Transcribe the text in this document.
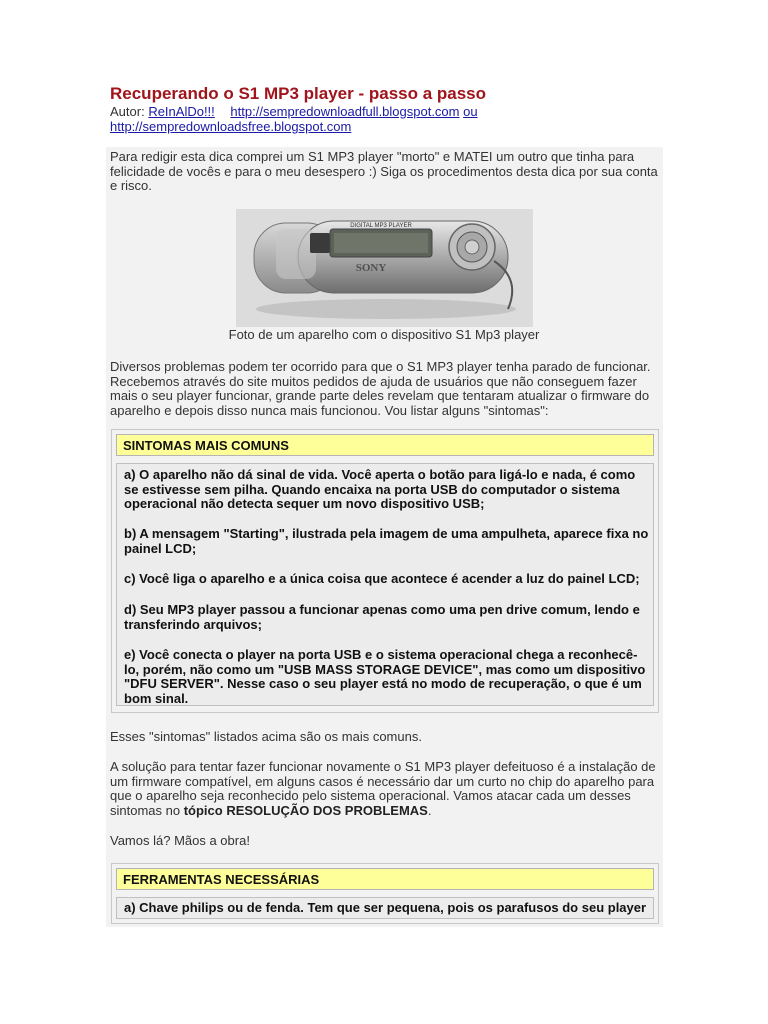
Recuperando o S1 MP3 player - passo a passo
Autor: ReInAlDo!!! http://sempredownloadfull.blogspot.com ou
http://sempredownloadsfree.blogspot.com

Para redigir esta dica comprei um S1 MP3 player "morto" e MATEI um outro que tinha para felicidade de vocês e para o meu desespero :) Siga os procedimentos desta dica por sua conta e risco.

DIGITAL MP3 PLAYER
SONY
Foto de um aparelho com o dispositivo S1 Mp3 player

Diversos problemas podem ter ocorrido para que o S1 MP3 player tenha parado de funcionar. Recebemos através do site muitos pedidos de ajuda de usuários que não conseguem fazer mais o seu player funcionar, grande parte deles revelam que tentaram atualizar o firmware do aparelho e depois disso nunca mais funcionou. Vou listar alguns "sintomas":

SINTOMAS MAIS COMUNS

a) O aparelho não dá sinal de vida. Você aperta o botão para ligá-lo e nada, é como se estivesse sem pilha. Quando encaixa na porta USB do computador o sistema operacional não detecta sequer um novo dispositivo USB;

b) A mensagem "Starting", ilustrada pela imagem de uma ampulheta, aparece fixa no painel LCD;

c) Você liga o aparelho e a única coisa que acontece é acender a luz do painel LCD;

d) Seu MP3 player passou a funcionar apenas como uma pen drive comum, lendo e transferindo arquivos;

e) Você conecta o player na porta USB e o sistema operacional chega a reconhecê-lo, porém, não como um "USB MASS STORAGE DEVICE", mas como um dispositivo "DFU SERVER". Nesse caso o seu player está no modo de recuperação, o que é um bom sinal.

Esses "sintomas" listados acima são os mais comuns.

A solução para tentar fazer funcionar novamente o S1 MP3 player defeituoso é a instalação de um firmware compatível, em alguns casos é necessário dar um curto no chip do aparelho para que o aparelho seja reconhecido pelo sistema operacional. Vamos atacar cada um desses sintomas no tópico RESOLUÇÃO DOS PROBLEMAS.

Vamos lá? Mãos a obra!

FERRAMENTAS NECESSÁRIAS

a) Chave philips ou de fenda. Tem que ser pequena, pois os parafusos do seu player
